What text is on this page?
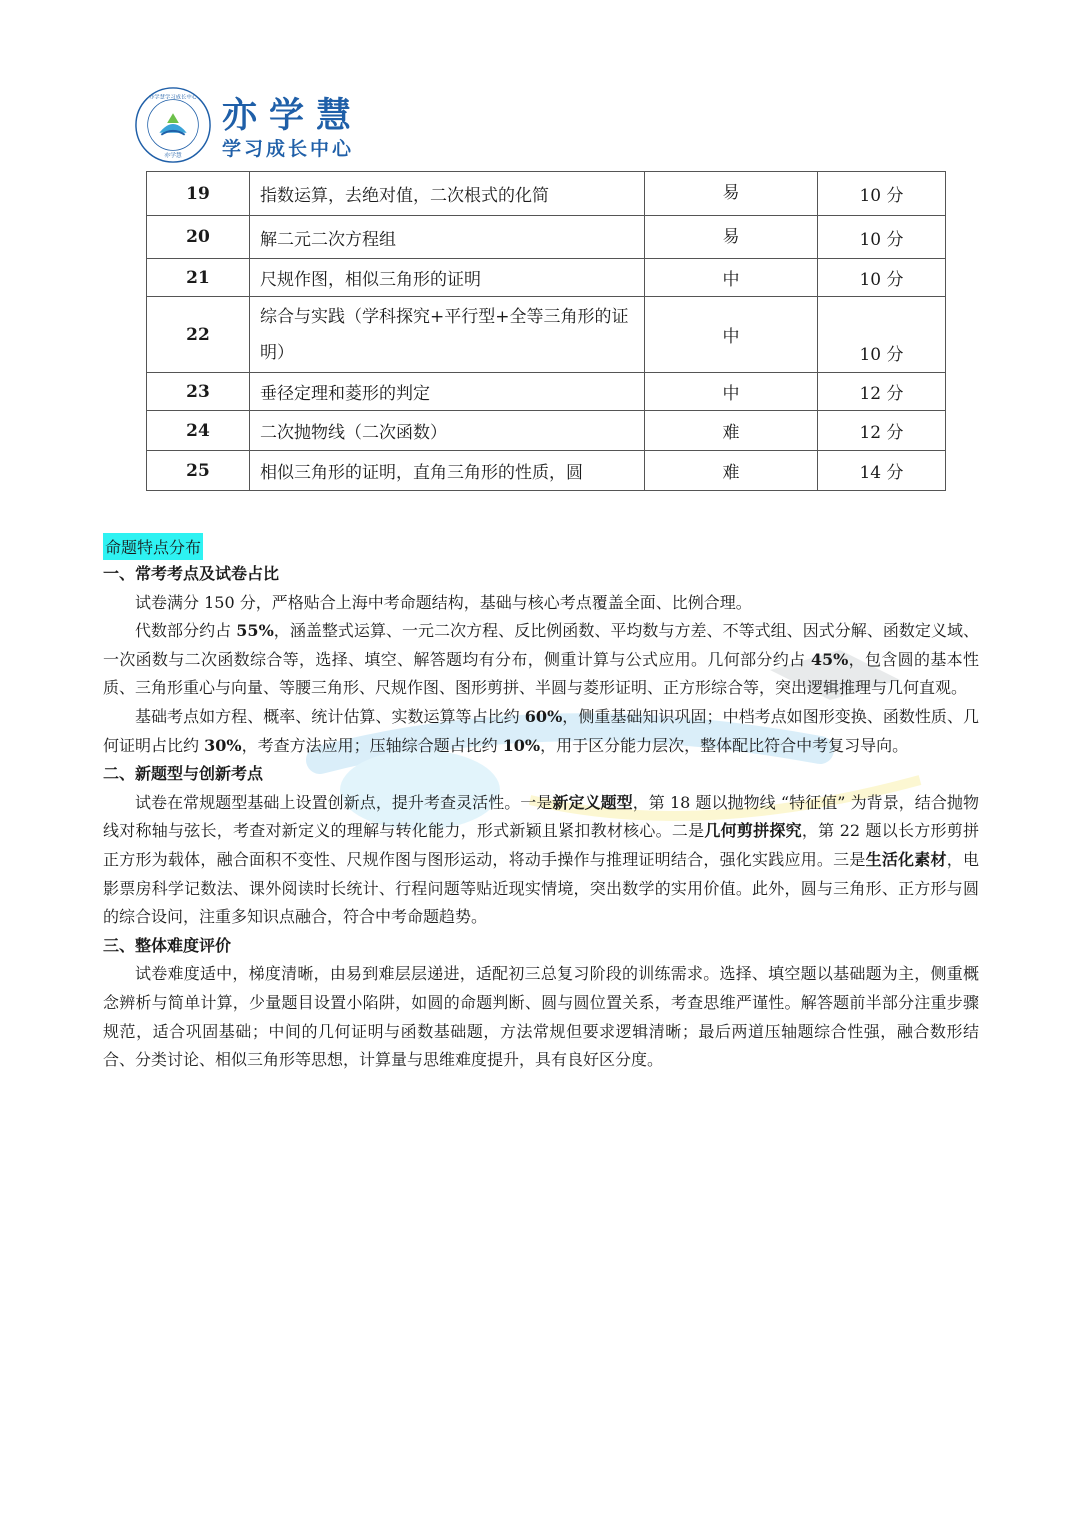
亦学慧学习成长中心
亦学慧
亦学慧
学习成长中心
19	指数运算，去绝对值，二次根式的化简	易	10 分
20	解二元二次方程组	易	10 分
21	尺规作图，相似三角形的证明	中	10 分
22	综合与实践（学科探究+平行型+全等三角形的证明）	中	10 分
23	垂径定理和菱形的判定	中	12 分
24	二次抛物线（二次函数）	难	12 分
25	相似三角形的证明，直角三角形的性质，圆	难	14 分
命题特点分布

一、常考考点及试卷占比

试卷满分 150 分，严格贴合上海中考命题结构，基础与核心考点覆盖全面、比例合理。

代数部分约占 55%，涵盖整式运算、一元二次方程、反比例函数、平均数与方差、不等式组、因式分解、函数定义域、一次函数与二次函数综合等，选择、填空、解答题均有分布，侧重计算与公式应用。几何部分约占 45%，包含圆的基本性质、三角形重心与向量、等腰三角形、尺规作图、图形剪拼、半圆与菱形证明、正方形综合等，突出逻辑推理与几何直观。

基础考点如方程、概率、统计估算、实数运算等占比约 60%，侧重基础知识巩固；中档考点如图形变换、函数性质、几何证明占比约 30%，考查方法应用；压轴综合题占比约 10%，用于区分能力层次，整体配比符合中考复习导向。

二、新题型与创新考点

试卷在常规题型基础上设置创新点，提升考查灵活性。一是新定义题型，第 18 题以抛物线 “特征值” 为背景，结合抛物线对称轴与弦长，考查对新定义的理解与转化能力，形式新颖且紧扣教材核心。二是几何剪拼探究，第 22 题以长方形剪拼正方形为载体，融合面积不变性、尺规作图与图形运动，将动手操作与推理证明结合，强化实践应用。三是生活化素材，电影票房科学记数法、课外阅读时长统计、行程问题等贴近现实情境，突出数学的实用价值。此外，圆与三角形、正方形与圆的综合设问，注重多知识点融合，符合中考命题趋势。

三、整体难度评价

试卷难度适中，梯度清晰，由易到难层层递进，适配初三总复习阶段的训练需求。选择、填空题以基础题为主，侧重概念辨析与简单计算，少量题目设置小陷阱，如圆的命题判断、圆与圆位置关系，考查思维严谨性。解答题前半部分注重步骤规范，适合巩固基础；中间的几何证明与函数基础题，方法常规但要求逻辑清晰；最后两道压轴题综合性强，融合数形结合、分类讨论、相似三角形等思想，计算量与思维难度提升，具有良好区分度。
